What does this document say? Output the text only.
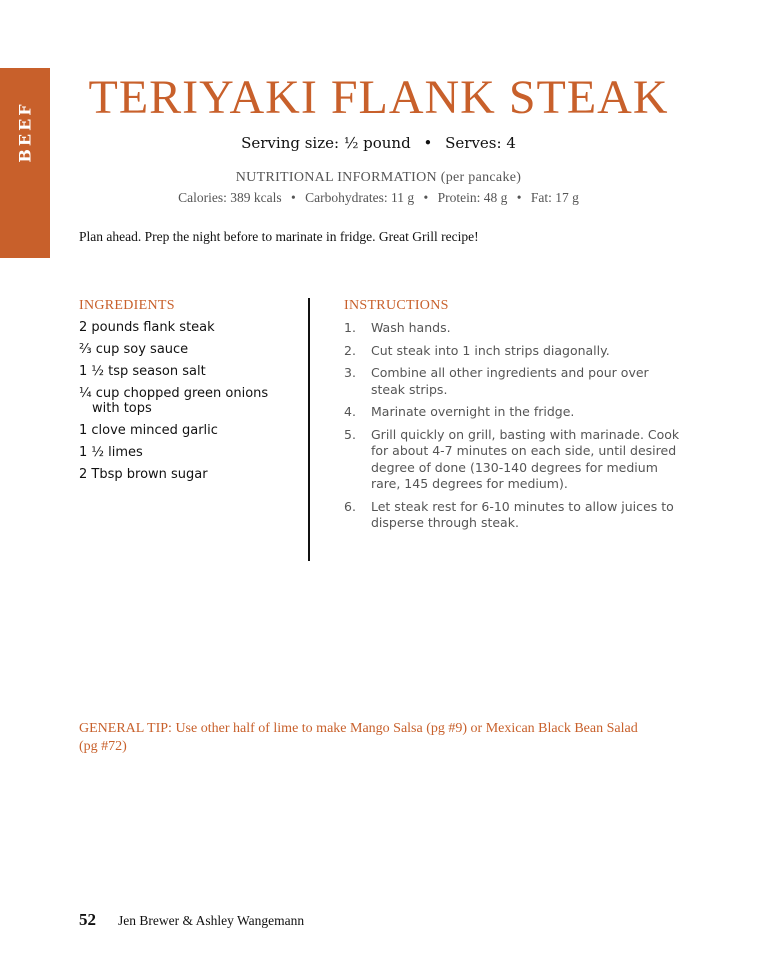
BEEF
TERIYAKI FLANK STEAK
Serving size: ½ pound • Serves: 4
NUTRITIONAL INFORMATION (per pancake)
Calories: 389 kcals • Carbohydrates: 11 g • Protein: 48 g • Fat: 17 g
Plan ahead. Prep the night before to marinate in fridge. Great Grill recipe!
INGREDIENTS
2 pounds flank steak
⅔ cup soy sauce
1 ½ tsp season salt
¼ cup chopped green onions with tops
1 clove minced garlic
1 ½ limes
2 Tbsp brown sugar
INSTRUCTIONS
1.	Wash hands.
2.	Cut steak into 1 inch strips diagonally.
3.	Combine all other ingredients and pour over steak strips.
4.	Marinate overnight in the fridge.
5.	Grill quickly on grill, basting with marinade. Cook for about 4-7 minutes on each side, until desired degree of done (130-140 degrees for medium rare, 145 degrees for medium).
6.	Let steak rest for 6-10 minutes to allow juices to disperse through steak.
GENERAL TIP: Use other half of lime to make Mango Salsa (pg #9) or Mexican Black Bean Salad (pg #72)
52 Jen Brewer & Ashley Wangemann
